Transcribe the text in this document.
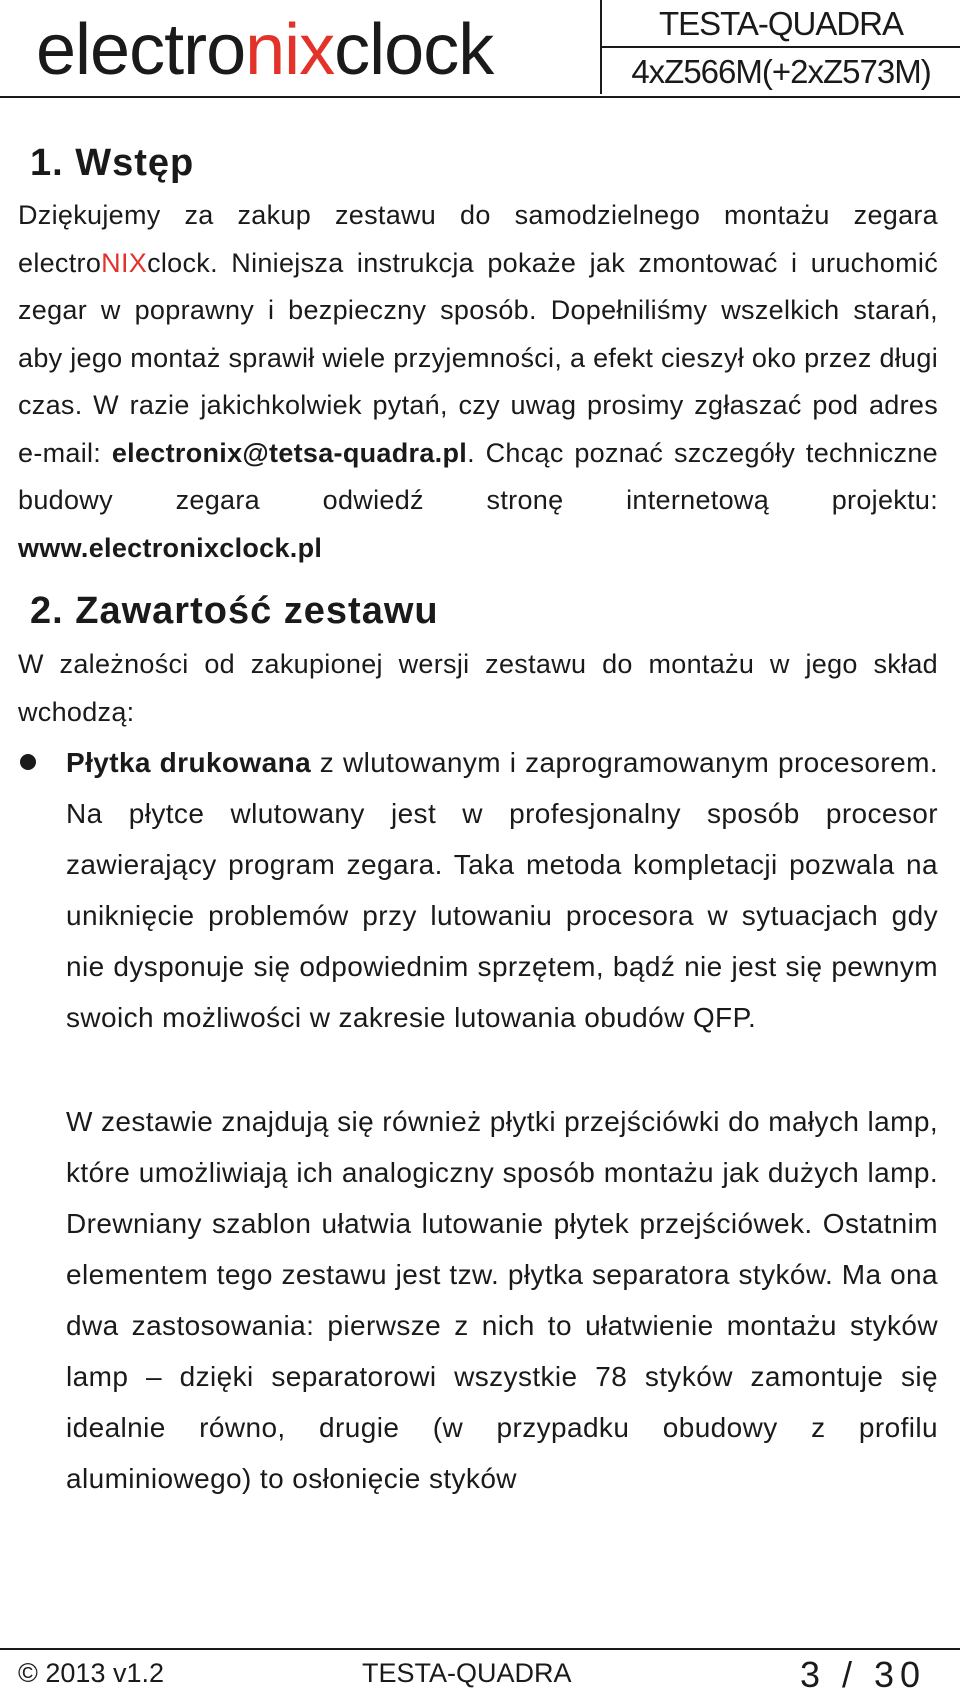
electronixclock	TESTA-QUADRA
4xZ566M(+2xZ573M)
1. Wstęp
Dziękujemy za zakup zestawu do samodzielnego montażu zegara electroNIXclock. Niniejsza instrukcja pokaże jak zmontować i uruchomić zegar w poprawny i bezpieczny sposób. Dopełniliśmy wszelkich starań, aby jego montaż sprawił wiele przyjemności, a efekt cieszył oko przez długi czas. W razie jakichkolwiek pytań, czy uwag prosimy zgłaszać pod adres e-mail: electronix@tetsa-quadra.pl. Chcąc poznać szczegóły techniczne budowy zegara odwiedź stronę internetową projektu: www.electronixclock.pl
2. Zawartość zestawu
W zależności od zakupionej wersji zestawu do montażu w jego skład wchodzą:
Płytka drukowana z wlutowanym i zaprogramowanym procesorem. Na płytce wlutowany jest w profesjonalny sposób procesor zawierający program zegara. Taka metoda kompletacji pozwala na uniknięcie problemów przy lutowaniu procesora w sytuacjach gdy nie dysponuje się odpowiednim sprzętem, bądź nie jest się pewnym swoich możliwości w zakresie lutowania obudów QFP.
W zestawie znajdują się również płytki przejściówki do małych lamp, które umożliwiają ich analogiczny sposób montażu jak dużych lamp. Drewniany szablon ułatwia lutowanie płytek przejściówek. Ostatnim elementem tego zestawu jest tzw. płytka separatora styków. Ma ona dwa zastosowania: pierwsze z nich to ułatwienie montażu styków lamp – dzięki separatorowi wszystkie 78 styków zamontuje się idealnie równo, drugie (w przypadku obudowy z profilu aluminiowego) to osłonięcie styków
© 2013 v1.2	TESTA-QUADRA	3 / 30
